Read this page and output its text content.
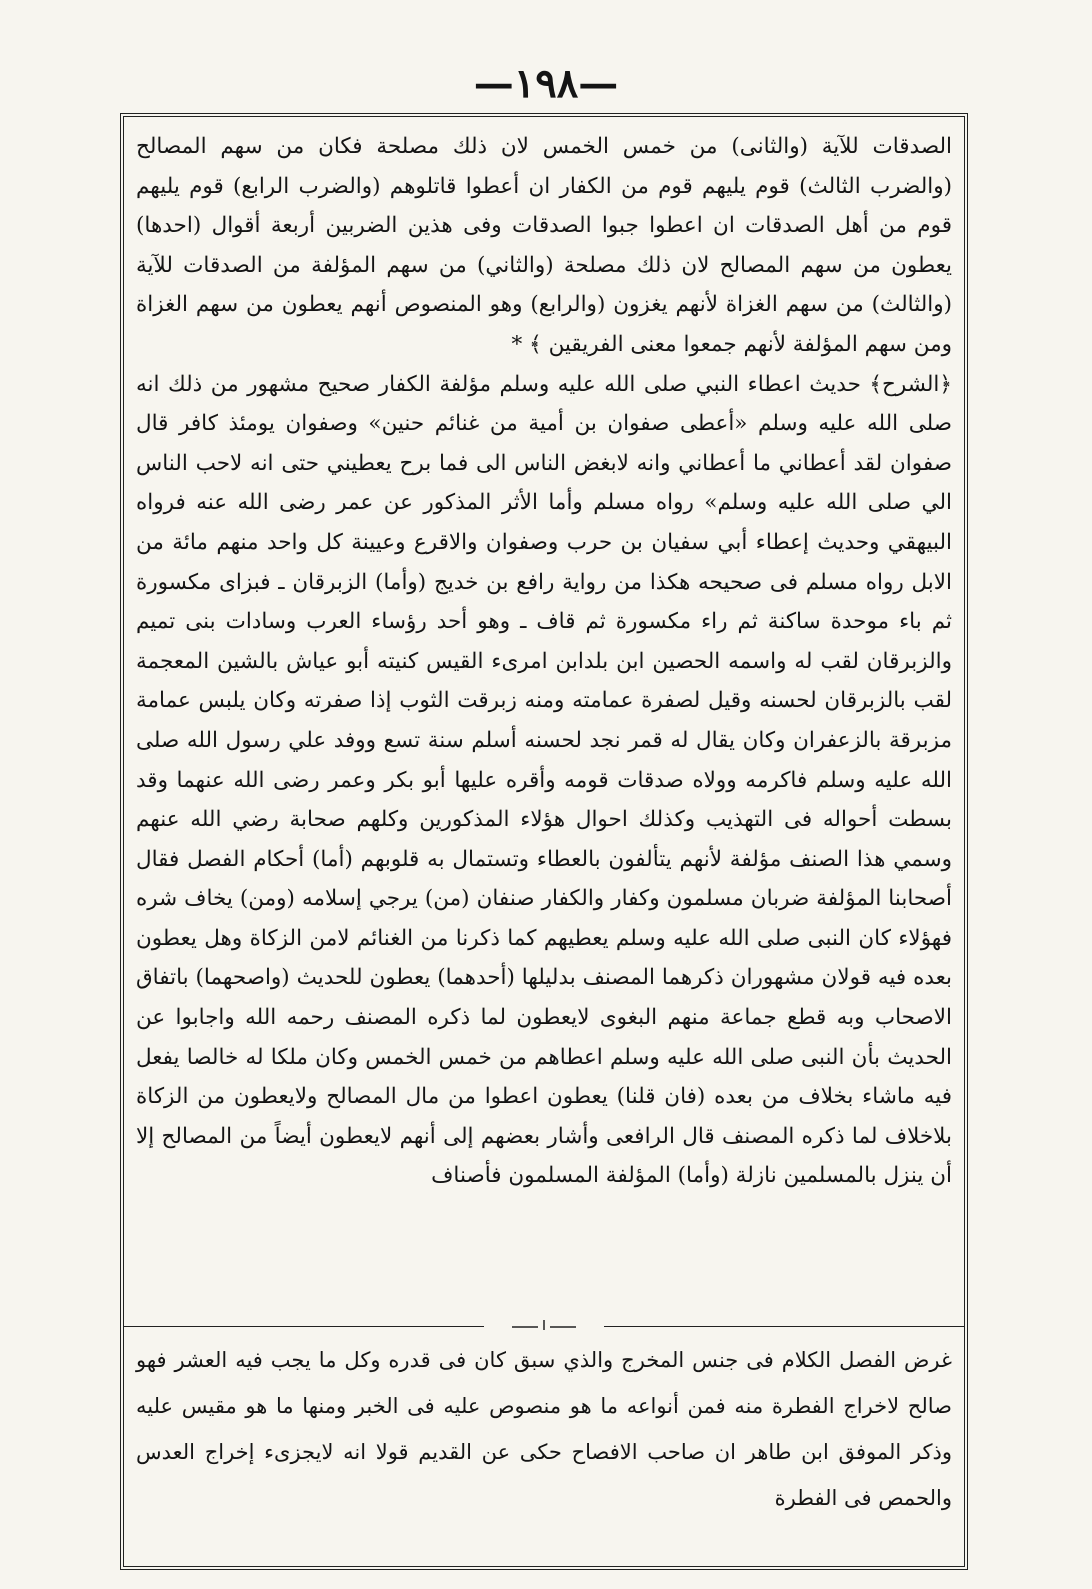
—١٩٨—

الصدقات للآية (والثانى) من خمس الخمس لان ذلك مصلحة فكان من سهم المصالح (والضرب الثالث) قوم يليهم قوم من الكفار ان أعطوا قاتلوهم (والضرب الرابع) قوم يليهم قوم من أهل الصدقات ان اعطوا جبوا الصدقات وفى هذين الضربين أربعة أقوال (احدها) يعطون من سهم المصالح لان ذلك مصلحة (والثاني) من سهم المؤلفة من الصدقات للآية (والثالث) من سهم الغزاة لأنهم يغزون (والرابع) وهو المنصوص أنهم يعطون من سهم الغزاة ومن سهم المؤلفة لأنهم جمعوا معنى الفريقين ﴾ *

﴿الشرح﴾ حديث اعطاء النبي صلى الله عليه وسلم مؤلفة الكفار صحيح مشهور من ذلك انه صلى الله عليه وسلم «أعطى صفوان بن أمية من غنائم حنين» وصفوان يومئذ كافر قال صفوان لقد أعطاني ما أعطاني وانه لابغض الناس الى فما برح يعطيني حتى انه لاحب الناس الي صلى الله عليه وسلم» رواه مسلم وأما الأثر المذكور عن عمر رضى الله عنه فرواه البيهقي وحديث إعطاء أبي سفيان بن حرب وصفوان والاقرع وعيينة كل واحد منهم مائة من الابل رواه مسلم فى صحيحه هكذا من رواية رافع بن خديج (وأما) الزبرقان ـ فبزاى مكسورة ثم باء موحدة ساكنة ثم راء مكسورة ثم قاف ـ وهو أحد رؤساء العرب وسادات بنى تميم والزبرقان لقب له واسمه الحصين ابن بلدابن امرىء القيس كنيته أبو عياش بالشين المعجمة لقب بالزبرقان لحسنه وقيل لصفرة عمامته ومنه زبرقت الثوب إذا صفرته وكان يلبس عمامة مزبرقة بالزعفران وكان يقال له قمر نجد لحسنه أسلم سنة تسع ووفد علي رسول الله صلى الله عليه وسلم فاكرمه وولاه صدقات قومه وأقره عليها أبو بكر وعمر رضى الله عنهما وقد بسطت أحواله فى التهذيب وكذلك احوال هؤلاء المذكورين وكلهم صحابة رضي الله عنهم وسمي هذا الصنف مؤلفة لأنهم يتألفون بالعطاء وتستمال به قلوبهم (أما) أحكام الفصل فقال أصحابنا المؤلفة ضربان مسلمون وكفار والكفار صنفان (من) يرجي إسلامه (ومن) يخاف شره فهؤلاء كان النبى صلى الله عليه وسلم يعطيهم كما ذكرنا من الغنائم لامن الزكاة وهل يعطون بعده فيه قولان مشهوران ذكرهما المصنف بدليلها (أحدهما) يعطون للحديث (واصحهما) باتفاق الاصحاب وبه قطع جماعة منهم البغوى لايعطون لما ذكره المصنف رحمه الله واجابوا عن الحديث بأن النبى صلى الله عليه وسلم اعطاهم من خمس الخمس وكان ملكا له خالصا يفعل فيه ماشاء بخلاف من بعده (فان قلنا) يعطون اعطوا من مال المصالح ولايعطون من الزكاة بلاخلاف لما ذكره المصنف قال الرافعى وأشار بعضهم إلى أنهم لايعطون أيضاً من المصالح إلا أن ينزل بالمسلمين نازلة (وأما) المؤلفة المسلمون فأصناف

غرض الفصل الكلام فى جنس المخرج والذي سبق كان فى قدره وكل ما يجب فيه العشر فهو صالح لاخراج الفطرة منه فمن أنواعه ما هو منصوص عليه فى الخبر ومنها ما هو مقيس عليه وذكر الموفق ابن طاهر ان صاحب الافصاح حكى عن القديم قولا انه لايجزىء إخراج العدس والحمص فى الفطرة
